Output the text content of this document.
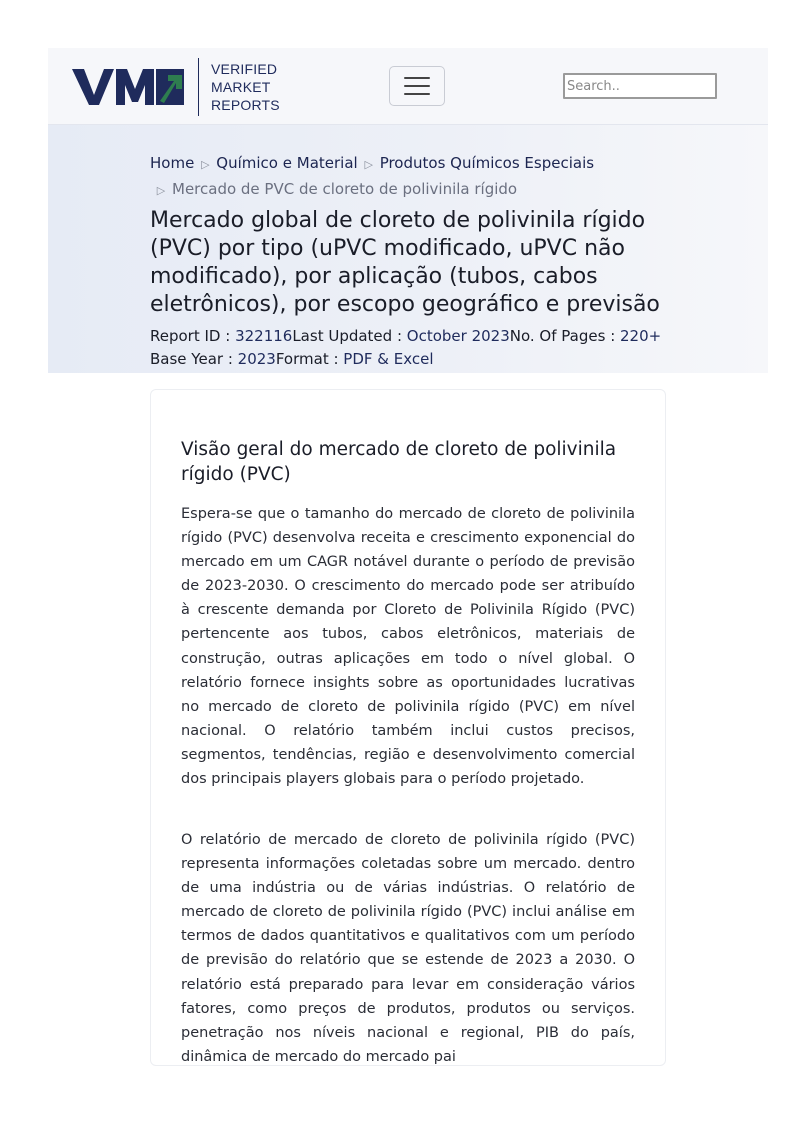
VERIFIED
MARKET
REPORTS
Search..
Home ▷ Químico e Material ▷ Produtos Químicos Especiais
▷ Mercado de PVC de cloreto de polivinila rígido
Mercado global de cloreto de polivinila rígido (PVC) por tipo (uPVC modificado, uPVC não modificado), por aplicação (tubos, cabos eletrônicos), por escopo geográfico e previsão
Report ID : 322116Last Updated : October 2023No. Of Pages : 220+
Base Year : 2023Format : PDF & Excel
Visão geral do mercado de cloreto de polivinila rígido (PVC)

Espera-se que o tamanho do mercado de cloreto de polivinila rígido (PVC) desenvolva receita e crescimento exponencial do mercado em um CAGR notável durante o período de previsão de 2023-2030. O crescimento do mercado pode ser atribuído à crescente demanda por Cloreto de Polivinila Rígido (PVC) pertencente aos tubos, cabos eletrônicos, materiais de construção, outras aplicações em todo o nível global. O relatório fornece insights sobre as oportunidades lucrativas no mercado de cloreto de polivinila rígido (PVC) em nível nacional. O relatório também inclui custos precisos, segmentos, tendências, região e desenvolvimento comercial dos principais players globais para o período projetado.

O relatório de mercado de cloreto de polivinila rígido (PVC) representa informações coletadas sobre um mercado. dentro de uma indústria ou de várias indústrias. O relatório de mercado de cloreto de polivinila rígido (PVC) inclui análise em termos de dados quantitativos e qualitativos com um período de previsão do relatório que se estende de 2023 a 2030. O relatório está preparado para levar em consideração vários fatores, como preços de produtos, produtos ou serviços. penetração nos níveis nacional e regional, PIB do país, dinâmica de mercado do mercado pai
